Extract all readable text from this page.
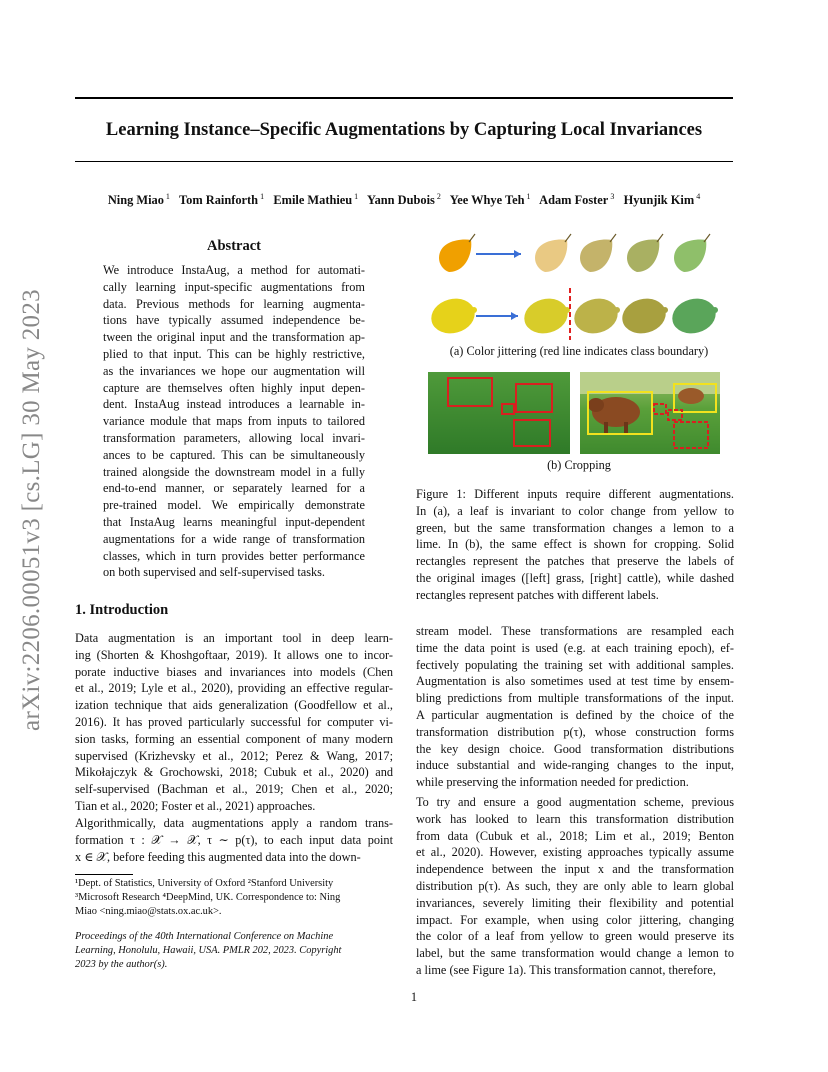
arXiv:2206.00051v3 [cs.LG] 30 May 2023
Learning Instance–Specific Augmentations by Capturing Local Invariances
Ning Miao $^1$  Tom Rainforth $^1$  Emile Mathieu $^1$  Yann Dubois $^2$  Yee Whye Teh $^1$  Adam Foster $^3$  Hyunjik Kim $^4$
Abstract
We introduce InstaAug, a method for automati-
cally learning input-specific augmentations from
data. Previous methods for learning augmenta-
tions have typically assumed independence be-
tween the original input and the transformation ap-
plied to that input. This can be highly restrictive,
as the invariances we hope our augmentation will
capture are themselves often highly input depen-
dent. InstaAug instead introduces a learnable in-
variance module that maps from inputs to tailored
transformation parameters, allowing local invari-
ances to be captured. This can be simultaneously
trained alongside the downstream model in a fully
end-to-end manner, or separately learned for a
pre-trained model. We empirically demonstrate
that InstaAug learns meaningful input-dependent
augmentations for a wide range of transformation
classes, which in turn provides better performance
on both supervised and self-supervised tasks.
(a) Color jittering (red line indicates class boundary)
(b) Cropping
Figure 1: Different inputs require different augmentations.
In (a), a leaf is invariant to color change from yellow to
green, but the same transformation changes a lemon to a
lime. In (b), the same effect is shown for cropping. Solid
rectangles represent the patches that preserve the labels of
the original images ([left] grass, [right] cattle), while dashed
rectangles represent patches with different labels.
1. Introduction
Data augmentation is an important tool in deep learn-
ing (Shorten & Khoshgoftaar, 2019). It allows one to incor-
porate inductive biases and invariances into models (Chen
et al., 2019; Lyle et al., 2020), providing an effective regular-
ization technique that aids generalization (Goodfellow et al.,
2016). It has proved particularly successful for computer vi-
sion tasks, forming an essential component of many modern
supervised (Krizhevsky et al., 2012; Perez & Wang, 2017;
Mikołajczyk & Grochowski, 2018; Cubuk et al., 2020) and
self-supervised (Bachman et al., 2019; Chen et al., 2020;
Tian et al., 2020; Foster et al., 2021) approaches.
Algorithmically, data augmentations apply a random trans-
formation τ : 𝒳 → 𝒳, τ ∼ p(τ), to each input data point
x ∈ 𝒳, before feeding this augmented data into the down-
¹Dept. of Statistics, University of Oxford ²Stanford University
³Microsoft Research ⁴DeepMind, UK. Correspondence to: Ning
Miao <ning.miao@stats.ox.ac.uk>.
Proceedings of the 40th International Conference on Machine
Learning, Honolulu, Hawaii, USA. PMLR 202, 2023. Copyright
2023 by the author(s).
stream model. These transformations are resampled each
time the data point is used (e.g. at each training epoch), ef-
fectively populating the training set with additional samples.
Augmentation is also sometimes used at test time by ensem-
bling predictions from multiple transformations of the input.
A particular augmentation is defined by the choice of the
transformation distribution p(τ), whose construction forms
the key design choice. Good transformation distributions
induce substantial and wide-ranging changes to the input,
while preserving the information needed for prediction.
To try and ensure a good augmentation scheme, previous
work has looked to learn this transformation distribution
from data (Cubuk et al., 2018; Lim et al., 2019; Benton
et al., 2020). However, existing approaches typically assume
independence between the input x and the transformation
distribution p(τ). As such, they are only able to learn global
invariances, severely limiting their flexibility and potential
impact. For example, when using color jittering, changing
the color of a leaf from yellow to green would preserve its
label, but the same transformation would change a lemon to
a lime (see Figure 1a). This transformation cannot, therefore,
1
